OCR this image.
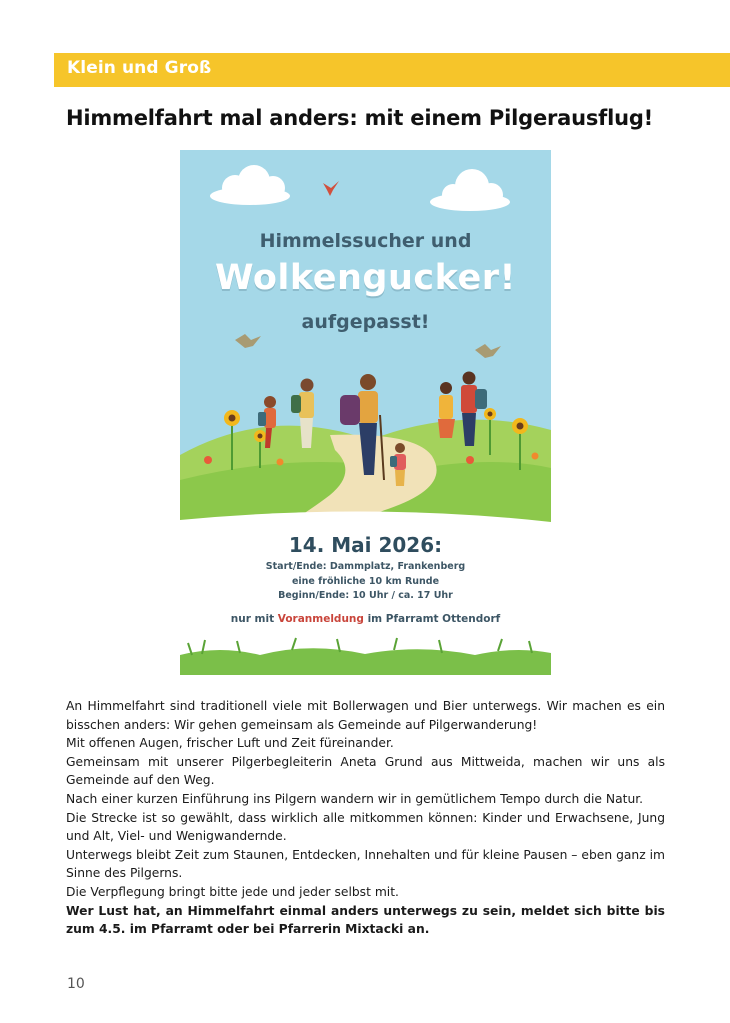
Klein und Groß
Himmelfahrt mal anders: mit einem Pilgerausflug!
Himmelssucher und
Wolkengucker!
aufgepasst!
14. Mai 2026:
Start/Ende: Dammplatz, Frankenberg
eine fröhliche 10 km Runde
Beginn/Ende: 10 Uhr / ca. 17 Uhr
nur mit Voranmeldung im Pfarramt Ottendorf

An Himmelfahrt sind traditionell viele mit Bollerwagen und Bier unterwegs. Wir machen es ein bisschen anders: Wir gehen gemeinsam als Gemeinde auf Pilgerwanderung!

Mit offenen Augen, frischer Luft und Zeit füreinander.

Gemeinsam mit unserer Pilgerbegleiterin Aneta Grund aus Mittweida, machen wir uns als Gemeinde auf den Weg.

Nach einer kurzen Einführung ins Pilgern wandern wir in gemütlichem Tempo durch die Natur.

Die Strecke ist so gewählt, dass wirklich alle mitkommen können: Kinder und Erwachsene, Jung und Alt, Viel- und Wenigwandernde.

Unterwegs bleibt Zeit zum Staunen, Entdecken, Innehalten und für kleine Pausen – eben ganz im Sinne des Pilgerns.

Die Verpflegung bringt bitte jede und jeder selbst mit.

Wer Lust hat, an Himmelfahrt einmal anders unterwegs zu sein, meldet sich bitte bis zum 4.5. im Pfarramt oder bei Pfarrerin Mixtacki an.

10
